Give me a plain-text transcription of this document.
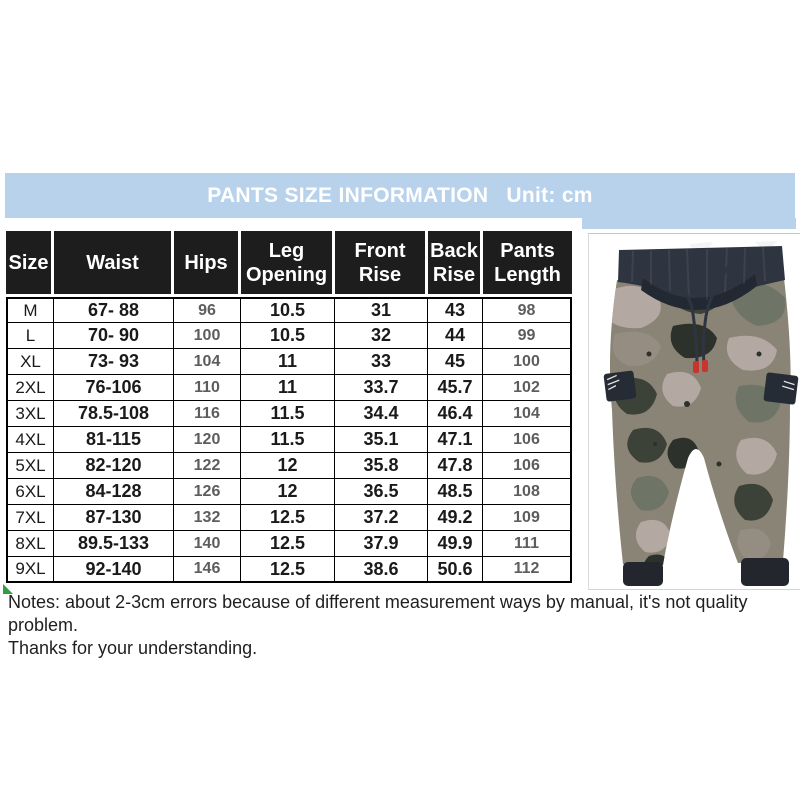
PANTS SIZE INFORMATION Unit: cm
Size	Waist	Hips	Leg Opening	Front Rise	Back Rise	Pants Length
M	67- 88	96	10.5	31	43	98
L	70- 90	100	10.5	32	44	99
XL	73- 93	104	11	33	45	100
2XL	76-106	110	11	33.7	45.7	102
3XL	78.5-108	116	11.5	34.4	46.4	104
4XL	81-115	120	11.5	35.1	47.1	106
5XL	82-120	122	12	35.8	47.8	106
6XL	84-128	126	12	36.5	48.5	108
7XL	87-130	132	12.5	37.2	49.2	109
8XL	89.5-133	140	12.5	37.9	49.9	111
9XL	92-140	146	12.5	38.6	50.6	112
Notes: about 2-3cm errors because of different measurement ways by manual, it's not quality problem.
Thanks for your understanding.
